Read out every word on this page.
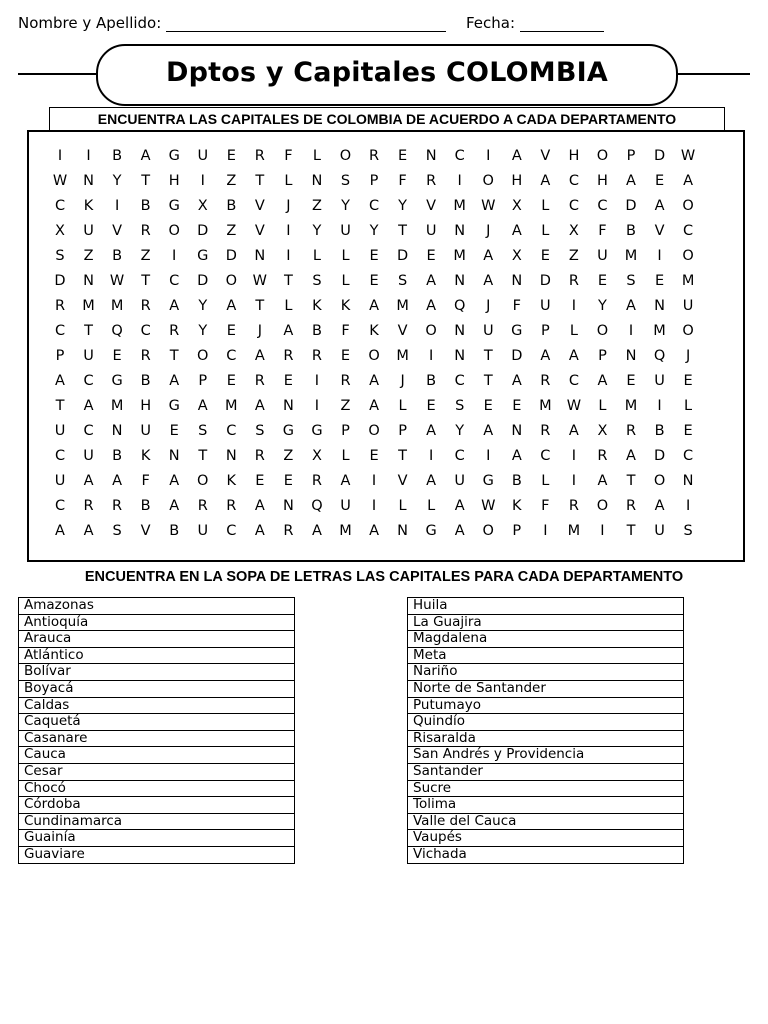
Nombre y Apellido:	Fecha:
Dptos y Capitales COLOMBIA
ENCUENTRA LAS CAPITALES DE COLOMBIA DE ACUERDO A CADA DEPARTAMENTO
I	I	B	A	G	U	E	R	F	L	O	R	E	N	C	I	A	V	H	O	P	D	W
W	N	Y	T	H	I	Z	T	L	N	S	P	F	R	I	O	H	A	C	H	A	E	A
C	K	I	B	G	X	B	V	J	Z	Y	C	Y	V	M	W	X	L	C	C	D	A	O
X	U	V	R	O	D	Z	V	I	Y	U	Y	T	U	N	J	A	L	X	F	B	V	C
S	Z	B	Z	I	G	D	N	I	L	L	E	D	E	M	A	X	E	Z	U	M	I	O
D	N	W	T	C	D	O	W	T	S	L	E	S	A	N	A	N	D	R	E	S	E	M
R	M	M	R	A	Y	A	T	L	K	K	A	M	A	Q	J	F	U	I	Y	A	N	U
C	T	Q	C	R	Y	E	J	A	B	F	K	V	O	N	U	G	P	L	O	I	M	O
P	U	E	R	T	O	C	A	R	R	E	O	M	I	N	T	D	A	A	P	N	Q	J
A	C	G	B	A	P	E	R	E	I	R	A	J	B	C	T	A	R	C	A	E	U	E
T	A	M	H	G	A	M	A	N	I	Z	A	L	E	S	E	E	M	W	L	M	I	L
U	C	N	U	E	S	C	S	G	G	P	O	P	A	Y	A	N	R	A	X	R	B	E
C	U	B	K	N	T	N	R	Z	X	L	E	T	I	C	I	A	C	I	R	A	D	C
U	A	A	F	A	O	K	E	E	R	A	I	V	A	U	G	B	L	I	A	T	O	N
C	R	R	B	A	R	R	A	N	Q	U	I	L	L	A	W	K	F	R	O	R	A	I
A	A	S	V	B	U	C	A	R	A	M	A	N	G	A	O	P	I	M	I	T	U	S
ENCUENTRA EN LA SOPA DE LETRAS LAS CAPITALES PARA CADA DEPARTAMENTO
Amazonas
Antioquía
Arauca
Atlántico
Bolívar
Boyacá
Caldas
Caquetá
Casanare
Cauca
Cesar
Chocó
Córdoba
Cundinamarca
Guainía
Guaviare
Huila
La Guajira
Magdalena
Meta
Nariño
Norte de Santander
Putumayo
Quindío
Risaralda
San Andrés y Providencia
Santander
Sucre
Tolima
Valle del Cauca
Vaupés
Vichada
